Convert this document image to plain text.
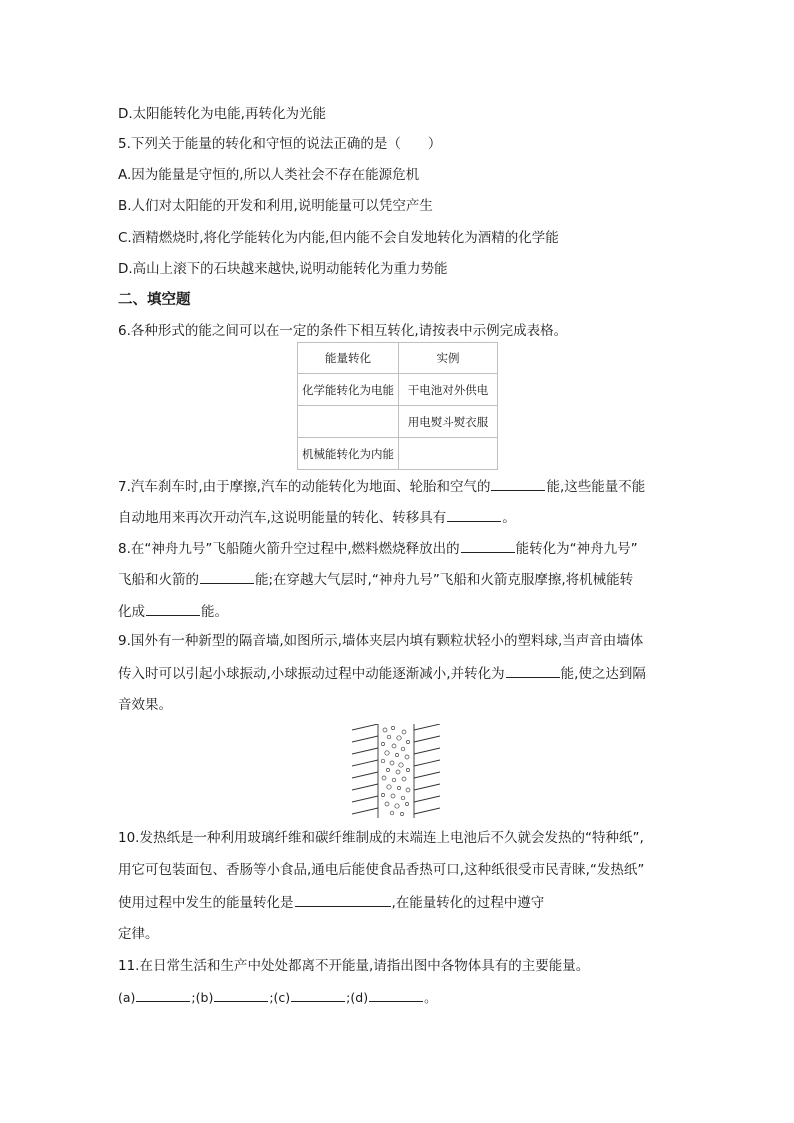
D.太阳能转化为电能,再转化为光能
5.下列关于能量的转化和守恒的说法正确的是（　　）
A.因为能量是守恒的,所以人类社会不存在能源危机
B.人们对太阳能的开发和利用,说明能量可以凭空产生
C.酒精燃烧时,将化学能转化为内能,但内能不会自发地转化为酒精的化学能
D.高山上滚下的石块越来越快,说明动能转化为重力势能
二、填空题
6.各种形式的能之间可以在一定的条件下相互转化,请按表中示例完成表格。
能量转化	实例
化学能转化为电能	干电池对外供电
	用电熨斗熨衣服
机械能转化为内能	
7.汽车刹车时,由于摩擦,汽车的动能转化为地面、轮胎和空气的	能,这些能量不能
自动地用来再次开动汽车,这说明能量的转化、转移具有	。
8.在“神舟九号”飞船随火箭升空过程中,燃料燃烧释放出的	能转化为“神舟九号”
飞船和火箭的	能;在穿越大气层时,“神舟九号”飞船和火箭克服摩擦,将机械能转
化成	能。
9.国外有一种新型的隔音墙,如图所示,墙体夹层内填有颗粒状轻小的塑料球,当声音由墙体
传入时可以引起小球振动,小球振动过程中动能逐渐减小,并转化为	能,使之达到隔
音效果。
10.发热纸是一种利用玻璃纤维和碳纤维制成的末端连上电池后不久就会发热的“特种纸”,
用它可包装面包、香肠等小食品,通电后能使食品香热可口,这种纸很受市民青睐,“发热纸”
使用过程中发生的能量转化是	,在能量转化的过程中遵守
定律。
11.在日常生活和生产中处处都离不开能量,请指出图中各物体具有的主要能量。
(a)	;(b)	;(c)	;(d)	。
